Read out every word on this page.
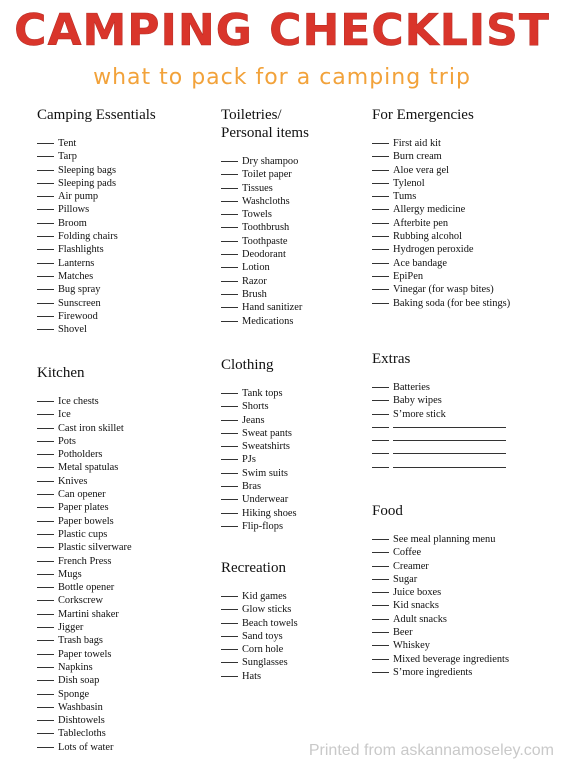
CAMPING CHECKLIST
what to pack for a camping trip
Camping Essentials
Tent
Tarp
Sleeping bags
Sleeping pads
Air pump
Pillows
Broom
Folding chairs
Flashlights
Lanterns
Matches
Bug spray
Sunscreen
Firewood
Shovel
Kitchen
Ice chests
Ice
Cast iron skillet
Pots
Potholders
Metal spatulas
Knives
Can opener
Paper plates
Paper bowels
Plastic cups
Plastic silverware
French Press
Mugs
Bottle opener
Corkscrew
Martini shaker
Jigger
Trash bags
Paper towels
Napkins
Dish soap
Sponge
Washbasin
Dishtowels
Tablecloths
Lots of water
Toiletries/
Personal items
Dry shampoo
Toilet paper
Tissues
Washcloths
Towels
Toothbrush
Toothpaste
Deodorant
Lotion
Razor
Brush
Hand sanitizer
Medications
Clothing
Tank tops
Shorts
Jeans
Sweat pants
Sweatshirts
PJs
Swim suits
Bras
Underwear
Hiking shoes
Flip-flops
Recreation
Kid games
Glow sticks
Beach towels
Sand toys
Corn hole
Sunglasses
Hats
For Emergencies
First aid kit
Burn cream
Aloe vera gel
Tylenol
Tums
Allergy medicine
Afterbite pen
Rubbing alcohol
Hydrogen peroxide
Ace bandage
EpiPen
Vinegar (for wasp bites)
Baking soda (for bee stings)
Extras
Batteries
Baby wipes
S’more stick
Food
See meal planning menu
Coffee
Creamer
Sugar
Juice boxes
Kid snacks
Adult snacks
Beer
Whiskey
Mixed beverage ingredients
S’more ingredients
Printed from askannamoseley.com
